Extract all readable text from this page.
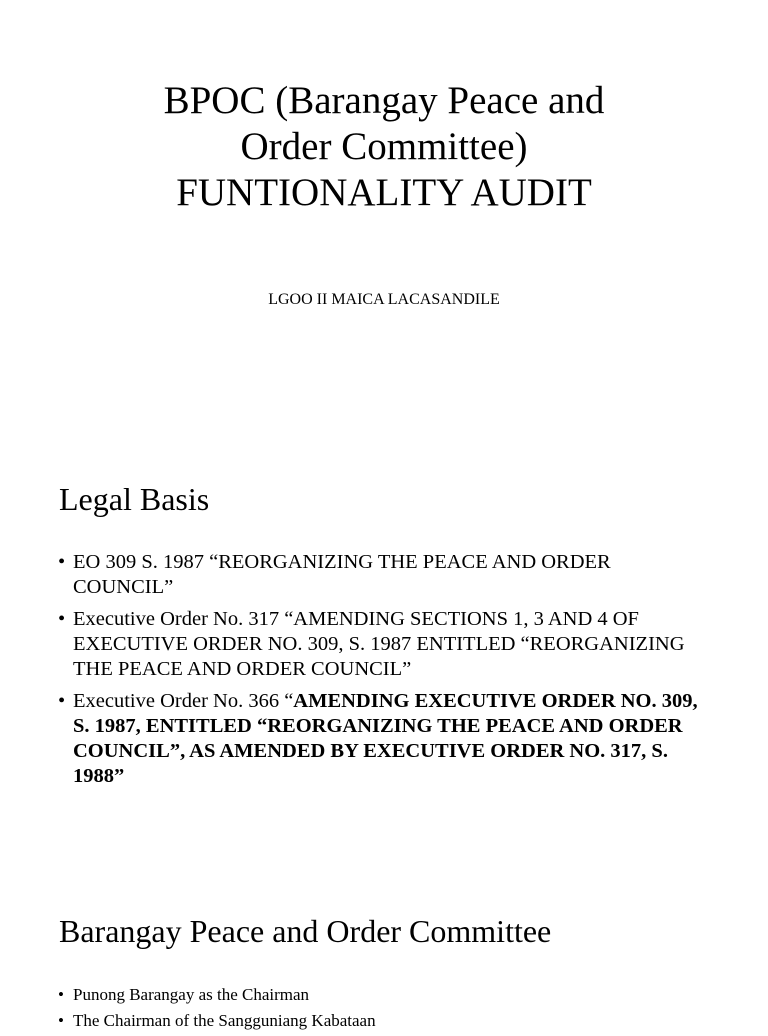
BPOC (Barangay Peace and
Order Committee)
FUNTIONALITY AUDIT
LGOO II MAICA LACASANDILE
Legal Basis
• EO 309 S. 1987 “REORGANIZING THE PEACE AND ORDER COUNCIL”
• Executive Order No. 317 “AMENDING SECTIONS 1, 3 AND 4 OF EXECUTIVE ORDER NO. 309, S. 1987 ENTITLED “REORGANIZING THE PEACE AND ORDER COUNCIL”
• Executive Order No. 366 “AMENDING EXECUTIVE ORDER NO. 309, S. 1987, ENTITLED “REORGANIZING THE PEACE AND ORDER COUNCIL”, AS AMENDED BY EXECUTIVE ORDER NO. 317, S. 1988”
Barangay Peace and Order Committee
• Punong Barangay as the Chairman
• The Chairman of the Sangguniang Kabataan
